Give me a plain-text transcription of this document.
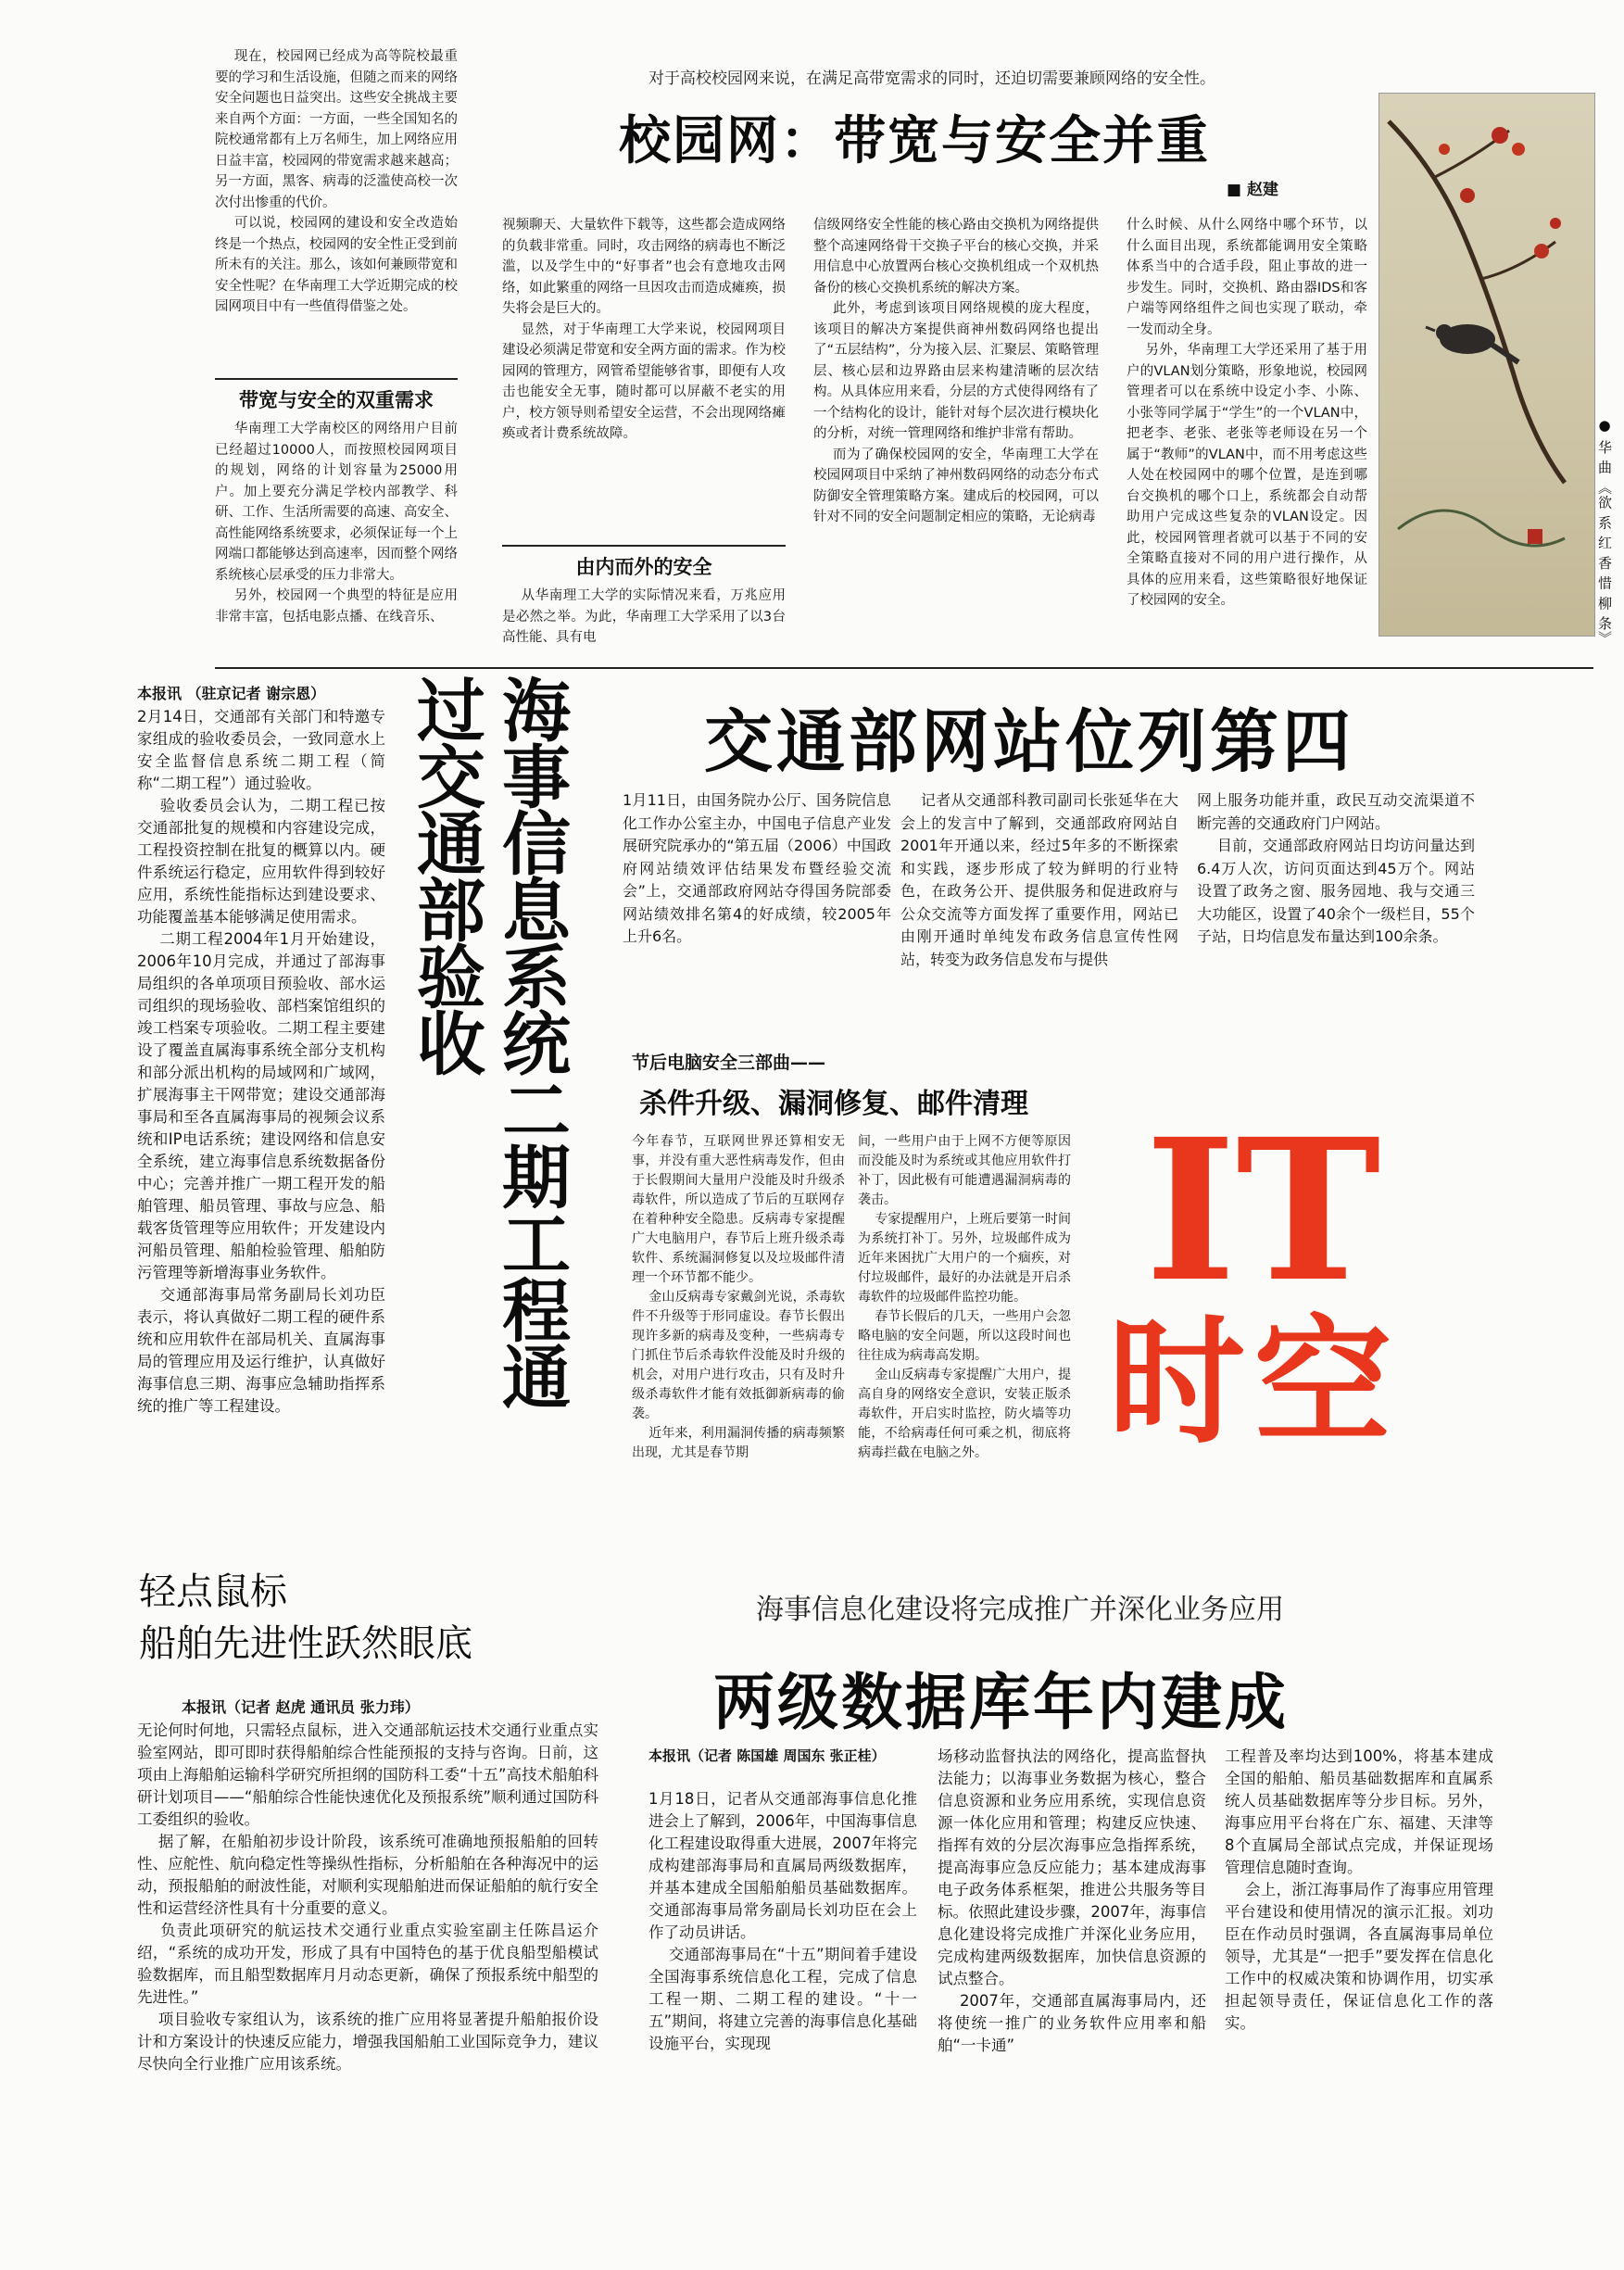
现在，校园网已经成为高等院校最重要的学习和生活设施，但随之而来的网络安全问题也日益突出。这些安全挑战主要来自两个方面：一方面，一些全国知名的院校通常都有上万名师生，加上网络应用日益丰富，校园网的带宽需求越来越高；另一方面，黑客、病毒的泛滥使高校一次次付出惨重的代价。
可以说，校园网的建设和安全改造始终是一个热点，校园网的安全性正受到前所未有的关注。那么，该如何兼顾带宽和安全性呢？在华南理工大学近期完成的校园网项目中有一些值得借鉴之处。
带宽与安全的双重需求
华南理工大学南校区的网络用户目前已经超过10000人，而按照校园网项目的规划，网络的计划容量为25000用户。加上要充分满足学校内部教学、科研、工作、生活所需要的高速、高安全、高性能网络系统要求，必须保证每一个上网端口都能够达到高速率，因而整个网络系统核心层承受的压力非常大。
另外，校园网一个典型的特征是应用非常丰富，包括电影点播、在线音乐、
对于高校校园网来说，在满足高带宽需求的同时，还迫切需要兼顾网络的安全性。
校园网：带宽与安全并重
■ 赵建
视频聊天、大量软件下载等，这些都会造成网络的负载非常重。同时，攻击网络的病毒也不断泛滥，以及学生中的“好事者”也会有意地攻击网络，如此繁重的网络一旦因攻击而造成瘫痪，损失将会是巨大的。
显然，对于华南理工大学来说，校园网项目建设必须满足带宽和安全两方面的需求。作为校园网的管理方，网管希望能够省事，即便有人攻击也能安全无事，随时都可以屏蔽不老实的用户，校方领导则希望安全运营，不会出现网络瘫痪或者计费系统故障。
由内而外的安全
从华南理工大学的实际情况来看，万兆应用是必然之举。为此，华南理工大学采用了以3台高性能、具有电
信级网络安全性能的核心路由交换机为网络提供整个高速网络骨干交换子平台的核心交换，并采用信息中心放置两台核心交换机组成一个双机热备份的核心交换机系统的解决方案。
此外，考虑到该项目网络规模的庞大程度，该项目的解决方案提供商神州数码网络也提出了“五层结构”，分为接入层、汇聚层、策略管理层、核心层和边界路由层来构建清晰的层次结构。从具体应用来看，分层的方式使得网络有了一个结构化的设计，能针对每个层次进行模块化的分析，对统一管理网络和维护非常有帮助。
而为了确保校园网的安全，华南理工大学在校园网项目中采纳了神州数码网络的动态分布式防御安全管理策略方案。建成后的校园网，可以针对不同的安全问题制定相应的策略，无论病毒
什么时候、从什么网络中哪个环节，以什么面目出现，系统都能调用安全策略体系当中的合适手段，阻止事故的进一步发生。同时，交换机、路由器IDS和客户端等网络组件之间也实现了联动，牵一发而动全身。
另外，华南理工大学还采用了基于用户的VLAN划分策略，形象地说，校园网管理者可以在系统中设定小李、小陈、小张等同学属于“学生”的一个VLAN中，把老李、老张、老张等老师设在另一个属于“教师”的VLAN中，而不用考虑这些人处在校园网中的哪个位置，是连到哪台交换机的哪个口上，系统都会自动帮助用户完成这些复杂的VLAN设定。因此，校园网管理者就可以基于不同的安全策略直接对不同的用户进行操作，从具体的应用来看，这些策略很好地保证了校园网的安全。	● 华 曲 《欲 系 红 香 惜 柳 条》
本报讯 （驻京记者 谢宗恩）
2月14日，交通部有关部门和特邀专家组成的验收委员会，一致同意水上安全监督信息系统二期工程（简称“二期工程”）通过验收。
验收委员会认为，二期工程已按交通部批复的规模和内容建设完成，工程投资控制在批复的概算以内。硬件系统运行稳定，应用软件得到较好应用，系统性能指标达到建设要求、功能覆盖基本能够满足使用需求。
二期工程2004年1月开始建设，2006年10月完成，并通过了部海事局组织的各单项项目预验收、部水运司组织的现场验收、部档案馆组织的竣工档案专项验收。二期工程主要建设了覆盖直属海事系统全部分支机构和部分派出机构的局域网和广域网，扩展海事主干网带宽；建设交通部海事局和至各直属海事局的视频会议系统和IP电话系统；建设网络和信息安全系统，建立海事信息系统数据备份中心；完善并推广一期工程开发的船舶管理、船员管理、事故与应急、船载客货管理等应用软件；开发建设内河船员管理、船舶检验管理、船舶防污管理等新增海事业务软件。
交通部海事局常务副局长刘功臣表示，将认真做好二期工程的硬件系统和应用软件在部局机关、直属海事局的管理应用及运行维护，认真做好海事信息三期、海事应急辅助指挥系统的推广等工程建设。	海事信息系统二期工程通过交通部验收	交通部网站位列第四
1月11日，由国务院办公厅、国务院信息化工作办公室主办，中国电子信息产业发展研究院承办的“第五届（2006）中国政府网站绩效评估结果发布暨经验交流会”上，交通部政府网站夺得国务院部委网站绩效排名第4的好成绩，较2005年上升6名。
记者从交通部科教司副司长张延华在大会上的发言中了解到，交通部政府网站自2001年开通以来，经过5年多的不断探索和实践，逐步形成了较为鲜明的行业特色，在政务公开、提供服务和促进政府与公众交流等方面发挥了重要作用，网站已由刚开通时单纯发布政务信息宣传性网站，转变为政务信息发布与提供
网上服务功能并重，政民互动交流渠道不断完善的交通政府门户网站。
目前，交通部政府网站日均访问量达到6.4万人次，访问页面达到45万个。网站设置了政务之窗、服务园地、我与交通三大功能区，设置了40余个一级栏目，55个子站，日均信息发布量达到100余条。
节后电脑安全三部曲——
杀件升级、漏洞修复、邮件清理
今年春节，互联网世界还算相安无事，并没有重大恶性病毒发作，但由于长假期间大量用户没能及时升级杀毒软件，所以造成了节后的互联网存在着种种安全隐患。反病毒专家提醒广大电脑用户，春节后上班升级杀毒软件、系统漏洞修复以及垃圾邮件清理一个环节都不能少。
金山反病毒专家戴剑光说，杀毒软件不升级等于形同虚设。春节长假出现许多新的病毒及变种，一些病毒专门抓住节后杀毒软件没能及时升级的机会，对用户进行攻击，只有及时升级杀毒软件才能有效抵御新病毒的偷袭。
近年来，利用漏洞传播的病毒频繁出现，尤其是春节期
间，一些用户由于上网不方便等原因而没能及时为系统或其他应用软件打补丁，因此极有可能遭遇漏洞病毒的袭击。
专家提醒用户，上班后要第一时间为系统打补丁。另外，垃圾邮件成为近年来困扰广大用户的一个痼疾，对付垃圾邮件，最好的办法就是开启杀毒软件的垃圾邮件监控功能。
春节长假后的几天，一些用户会忽略电脑的安全问题，所以这段时间也往往成为病毒高发期。
金山反病毒专家提醒广大用户，提高自身的网络安全意识，安装正版杀毒软件，开启实时监控，防火墙等功能，不给病毒任何可乘之机，彻底将病毒拦截在电脑之外。
IT
时空
轻点鼠标
船舶先进性跃然眼底
本报讯（记者 赵虎 通讯员 张力玮）
无论何时何地，只需轻点鼠标，进入交通部航运技术交通行业重点实验室网站，即可即时获得船舶综合性能预报的支持与咨询。日前，这项由上海船舶运输科学研究所担纲的国防科工委“十五”高技术船舶科研计划项目——“船舶综合性能快速优化及预报系统”顺利通过国防科工委组织的验收。
据了解，在船舶初步设计阶段，该系统可准确地预报船舶的回转性、应舵性、航向稳定性等操纵性指标，分析船舶在各种海况中的运动，预报船舶的耐波性能，对顺利实现船舶进而保证船舶的航行安全性和运营经济性具有十分重要的意义。
负责此项研究的航运技术交通行业重点实验室副主任陈昌运介绍，“系统的成功开发，形成了具有中国特色的基于优良船型船模试验数据库，而且船型数据库月月动态更新，确保了预报系统中船型的先进性。”
项目验收专家组认为，该系统的推广应用将显著提升船舶报价设计和方案设计的快速反应能力，增强我国船舶工业国际竞争力，建议尽快向全行业推广应用该系统。
海事信息化建设将完成推广并深化业务应用
两级数据库年内建成
本报讯（记者 陈国雄 周国东 张正桂）
1月18日，记者从交通部海事信息化推进会上了解到，2006年，中国海事信息化工程建设取得重大进展，2007年将完成构建部海事局和直属局两级数据库，并基本建成全国船舶船员基础数据库。交通部海事局常务副局长刘功臣在会上作了动员讲话。
交通部海事局在“十五”期间着手建设全国海事系统信息化工程，完成了信息工程一期、二期工程的建设。“十一五”期间，将建立完善的海事信息化基础设施平台，实现现
场移动监督执法的网络化，提高监督执法能力；以海事业务数据为核心，整合信息资源和业务应用系统，实现信息资源一体化应用和管理；构建反应快速、指挥有效的分层次海事应急指挥系统，提高海事应急反应能力；基本建成海事电子政务体系框架，推进公共服务等目标。依照此建设步骤，2007年，海事信息化建设将完成推广并深化业务应用，完成构建两级数据库，加快信息资源的试点整合。
2007年，交通部直属海事局内，还将使统一推广的业务软件应用率和船舶“一卡通”
工程普及率均达到100%，将基本建成全国的船舶、船员基础数据库和直属系统人员基础数据库等分步目标。另外，海事应用平台将在广东、福建、天津等8个直属局全部试点完成，并保证现场管理信息随时查询。
会上，浙江海事局作了海事应用管理平台建设和使用情况的演示汇报。刘功臣在作动员时强调，各直属海事局单位领导，尤其是“一把手”要发挥在信息化工作中的权威决策和协调作用，切实承担起领导责任，保证信息化工作的落实。
